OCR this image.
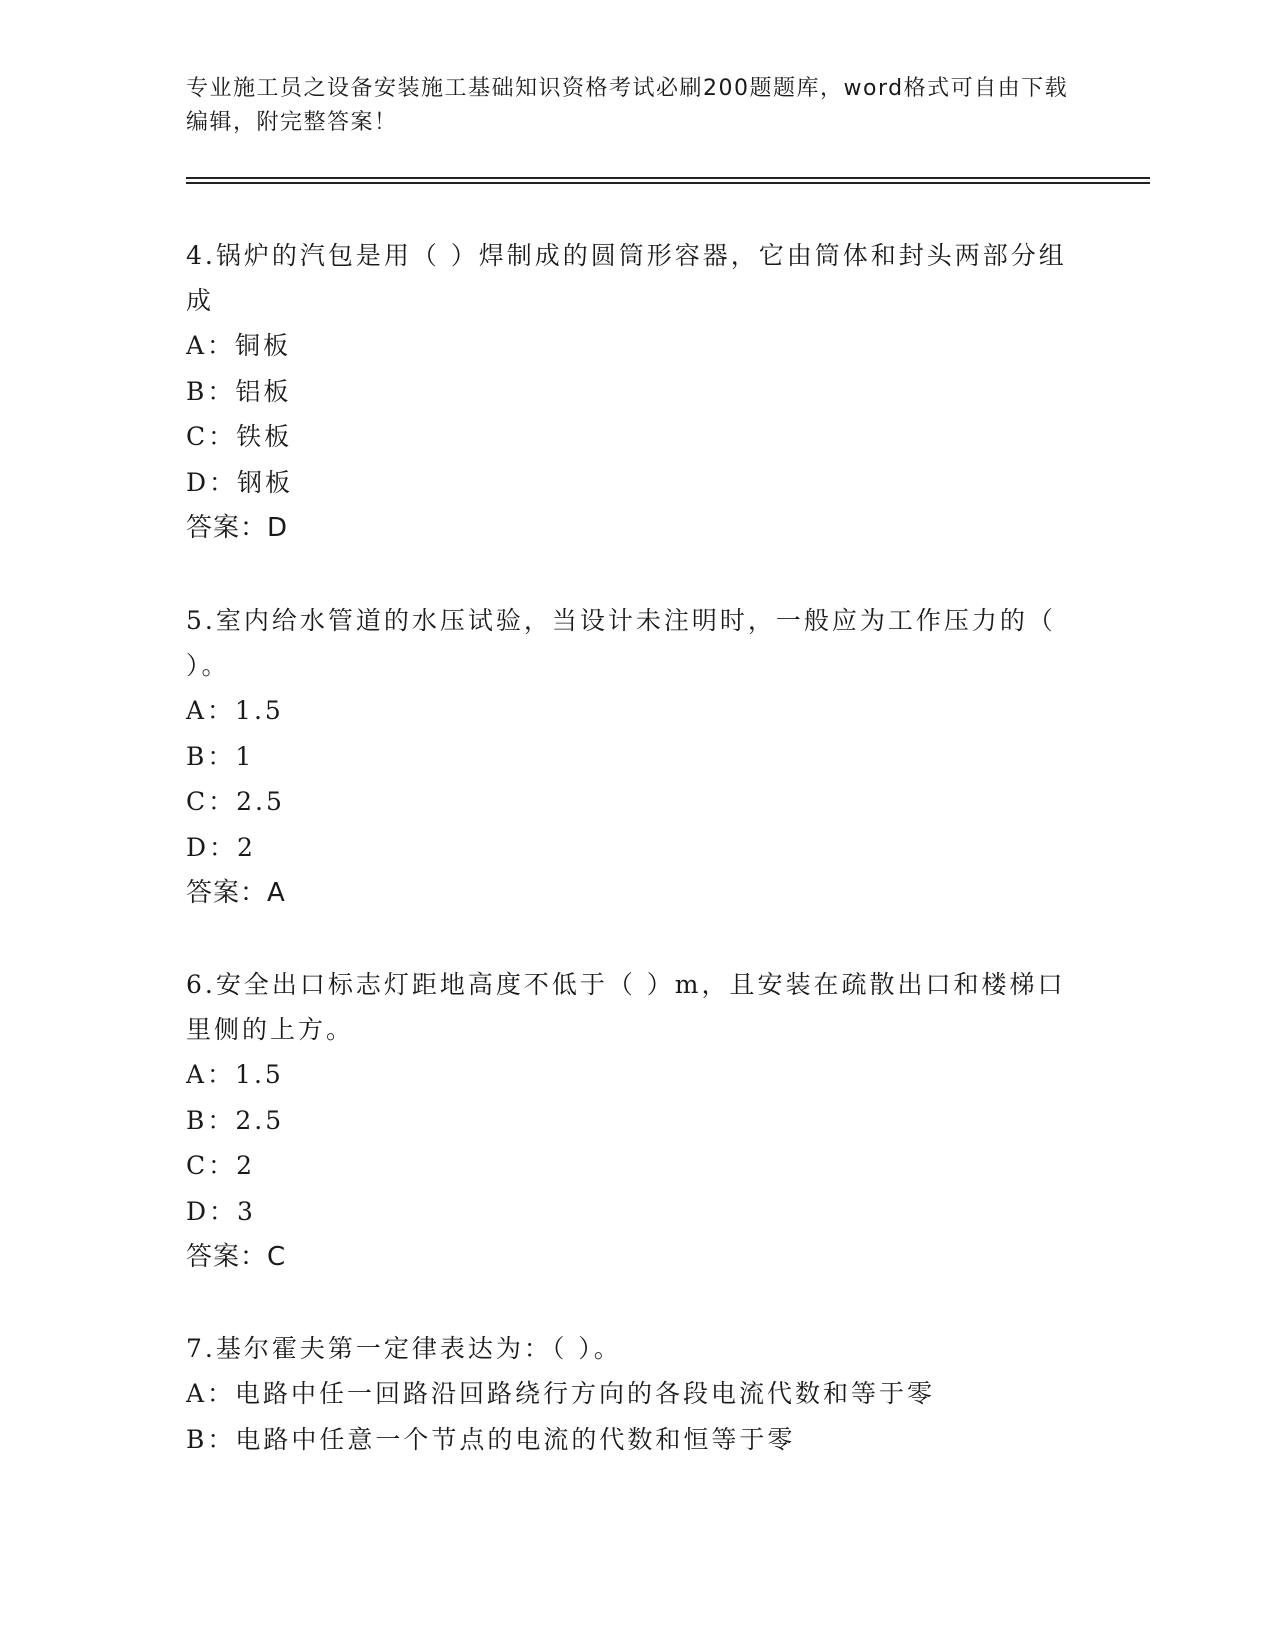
专业施工员之设备安装施工基础知识资格考试必刷200题题库，word格式可自由下载编辑，附完整答案！

4.锅炉的汽包是用（ ）焊制成的圆筒形容器，它由筒体和封头两部分组成

A：铜板

B：铝板

C：铁板

D：钢板

答案：D

5.室内给水管道的水压试验，当设计未注明时，一般应为工作压力的（ ）。

A：1.5

B：1

C：2.5

D：2

答案：A

6.安全出口标志灯距地高度不低于（ ）m，且安装在疏散出口和楼梯口里侧的上方。

A：1.5

B：2.5

C：2

D：3

答案：C

7.基尔霍夫第一定律表达为：（ ）。

A：电路中任一回路沿回路绕行方向的各段电流代数和等于零

B：电路中任意一个节点的电流的代数和恒等于零
